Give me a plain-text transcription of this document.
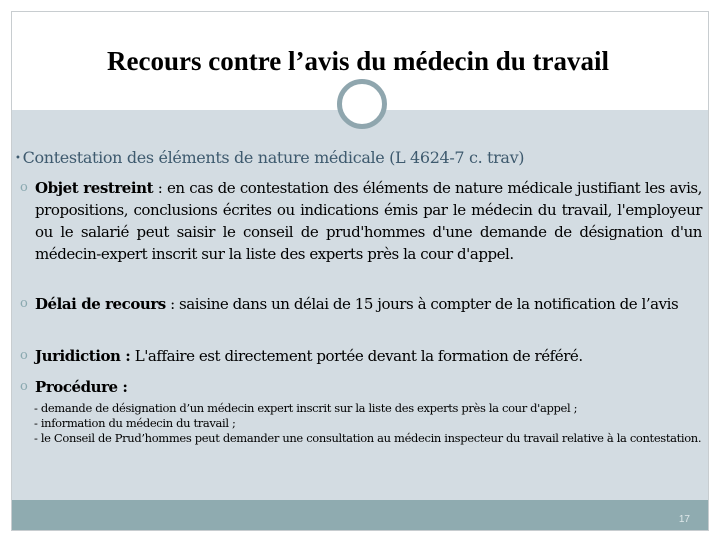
Recours contre l’avis du médecin du travail
• Contestation des éléments de nature médicale (L 4624-7 c. trav)
o Objet restreint : en cas de contestation des éléments de nature médicale justifiant les avis, propositions, conclusions écrites ou indications émis par le médecin du travail, l'employeur ou le salarié peut saisir le conseil de prud'hommes d'une demande de désignation d'un médecin-expert inscrit sur la liste des experts près la cour d'appel.
o Délai de recours : saisine dans un délai de 15 jours à compter de la notification de l’avis
o Juridiction : L'affaire est directement portée devant la formation de référé.
o Procédure :
- demande de désignation d’un médecin expert inscrit sur la liste des experts près la cour d'appel ;
- information du médecin du travail ;
- le Conseil de Prud’hommes peut demander une consultation au médecin inspecteur du travail relative à la contestation.
17
